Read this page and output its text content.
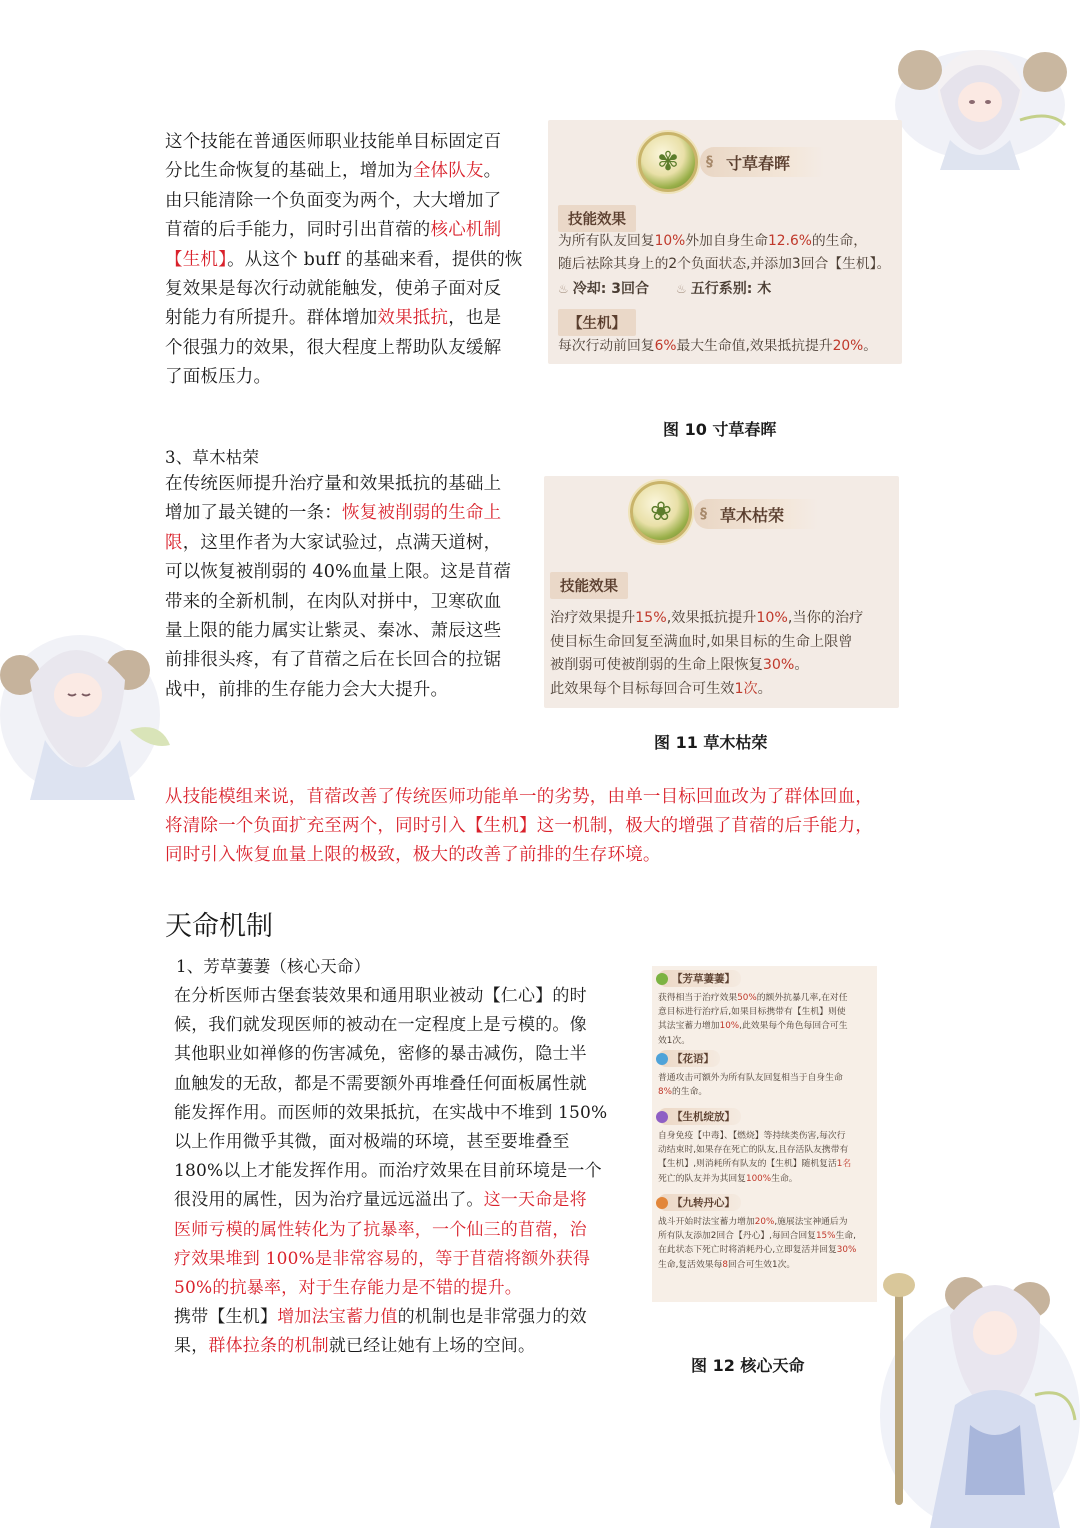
这个技能在普通医师职业技能单目标固定百

分比生命恢复的基础上，增加为全体队友。

由只能清除一个负面变为两个，大大增加了

苜蓿的后手能力，同时引出苜蓿的核心机制

【生机】。从这个 buff 的基础来看，提供的恢

复效果是每次行动就能触发，使弟子面对反

射能力有所提升。群体增加效果抵抗，也是

个很强力的效果，很大程度上帮助队友缓解

了面板压力。

✾ § 寸草春晖
技能效果

为所有队友回复10%外加自身生命12.6%的生命，

随后祛除其身上的2个负面状态,并添加3回合【生机】。

♨ 冷却: 3回合 ♨ 五行系别: 木
【生机】

每次行动前回复6%最大生命值,效果抵抗提升20%。

图 10 寸草春晖
3、草木枯荣

在传统医师提升治疗量和效果抵抗的基础上

增加了最关键的一条：恢复被削弱的生命上

限，这里作者为大家试验过，点满天道树，

可以恢复被削弱的 40%血量上限。这是苜蓿

带来的全新机制，在肉队对拼中，卫寒砍血

量上限的能力属实让紫灵、秦冰、萧辰这些

前排很头疼，有了苜蓿之后在长回合的拉锯

战中，前排的生存能力会大大提升。

❀ § 草木枯荣
技能效果

治疗效果提升15%,效果抵抗提升10%,当你的治疗

使目标生命回复至满血时,如果目标的生命上限曾

被削弱可使被削弱的生命上限恢复30%。

此效果每个目标每回合可生效1次。

图 11 草木枯荣

从技能模组来说，苜蓿改善了传统医师功能单一的劣势，由单一目标回血改为了群体回血，

将清除一个负面扩充至两个，同时引入【生机】这一机制，极大的增强了苜蓿的后手能力，

同时引入恢复血量上限的极致，极大的改善了前排的生存环境。

天命机制
1、芳草萋萋（核心天命）

在分析医师古堡套装效果和通用职业被动【仁心】的时

候，我们就发现医师的被动在一定程度上是亏模的。像

其他职业如禅修的伤害减免，密修的暴击减伤，隐士半

血触发的无敌，都是不需要额外再堆叠任何面板属性就

能发挥作用。而医师的效果抵抗，在实战中不堆到 150%

以上作用微乎其微，面对极端的环境，甚至要堆叠至

180%以上才能发挥作用。而治疗效果在目前环境是一个

很没用的属性，因为治疗量远远溢出了。这一天命是将

医师亏模的属性转化为了抗暴率，一个仙三的苜蓿，治

疗效果堆到 100%是非常容易的，等于苜蓿将额外获得

50%的抗暴率，对于生存能力是不错的提升。

携带【生机】增加法宝蓄力值的机制也是非常强力的效

果，群体拉条的机制就已经让她有上场的空间。

【芳草萋萋】

获得相当于治疗效果50%的额外抗暴几率,在对任

意目标进行治疗后,如果目标携带有【生机】则使

其法宝蓄力增加10%,此效果每个角色每回合可生

效1次。

【花语】

普通攻击可额外为所有队友回复相当于自身生命

8%的生命。

【生机绽放】

自身免疫【中毒】、【燃烧】等持续类伤害,每次行

动结束时,如果存在死亡的队友,且存活队友携带有

【生机】,则消耗所有队友的【生机】随机复活1名

死亡的队友并为其回复100%生命。

【九转丹心】

战斗开始时法宝蓄力增加20%,施展法宝神通后为

所有队友添加2回合【丹心】,每回合回复15%生命,

在此状态下死亡时将消耗丹心,立即复活并回复30%

生命,复活效果每8回合可生效1次。

图 12 核心天命
